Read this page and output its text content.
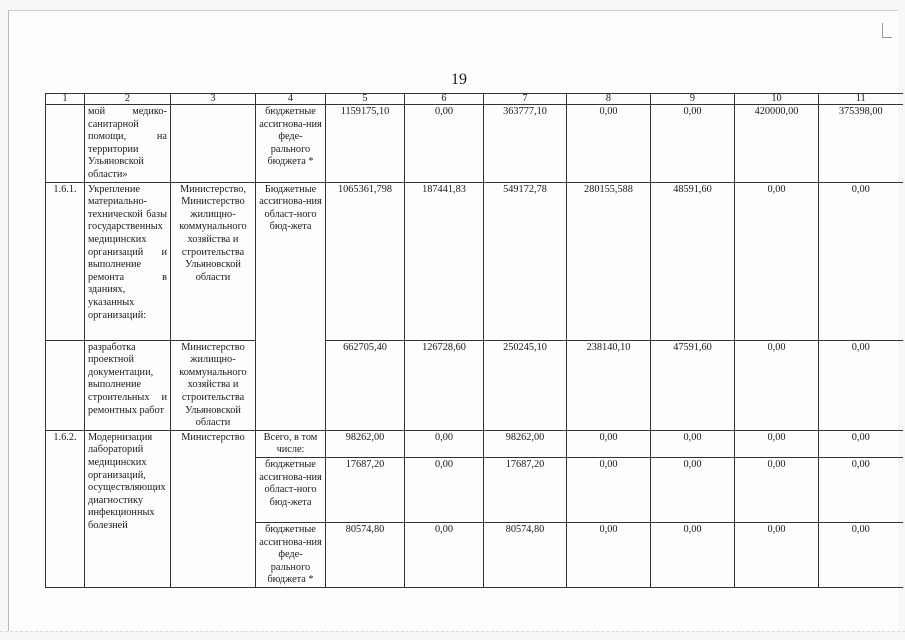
19
1	2	3	4	5	6	7	8	9	10	11
	мой медико-санитарной помощи, на территории Ульяновской области»		бюджетные ассигнова-ния феде-рального бюджета *	1159175,10	0,00	363777,10	0,00	0,00	420000,00	375398,00
1.6.1.	Укрепление материально-технической базы государственных медицинских организаций и выполнение ремонта в зданиях, указанных организаций:	Министерство, Министерство жилищно-коммунального хозяйства и строительства Ульяновской области	Бюджетные ассигнова-ния област-ного бюд-жета	1065361,798	187441,83	549172,78	280155,588	48591,60	0,00	0,00
	разработка проектной документации, выполнение строительных и ремонтных работ	Министерство жилищно-коммунального хозяйства и строительства Ульяновской области		662705,40	126728,60	250245,10	238140,10	47591,60	0,00	0,00
1.6.2.	Модернизация лабораторий медицинских организаций, осуществляющих диагностику инфекционных болезней	Министерство	Всего, в том числе:	98262,00	0,00	98262,00	0,00	0,00	0,00	0,00
			бюджетные ассигнова-ния област-ного бюд-жета	17687,20	0,00	17687,20	0,00	0,00	0,00	0,00
			бюджетные ассигнова-ния феде-рального бюджета *	80574,80	0,00	80574,80	0,00	0,00	0,00	0,00
